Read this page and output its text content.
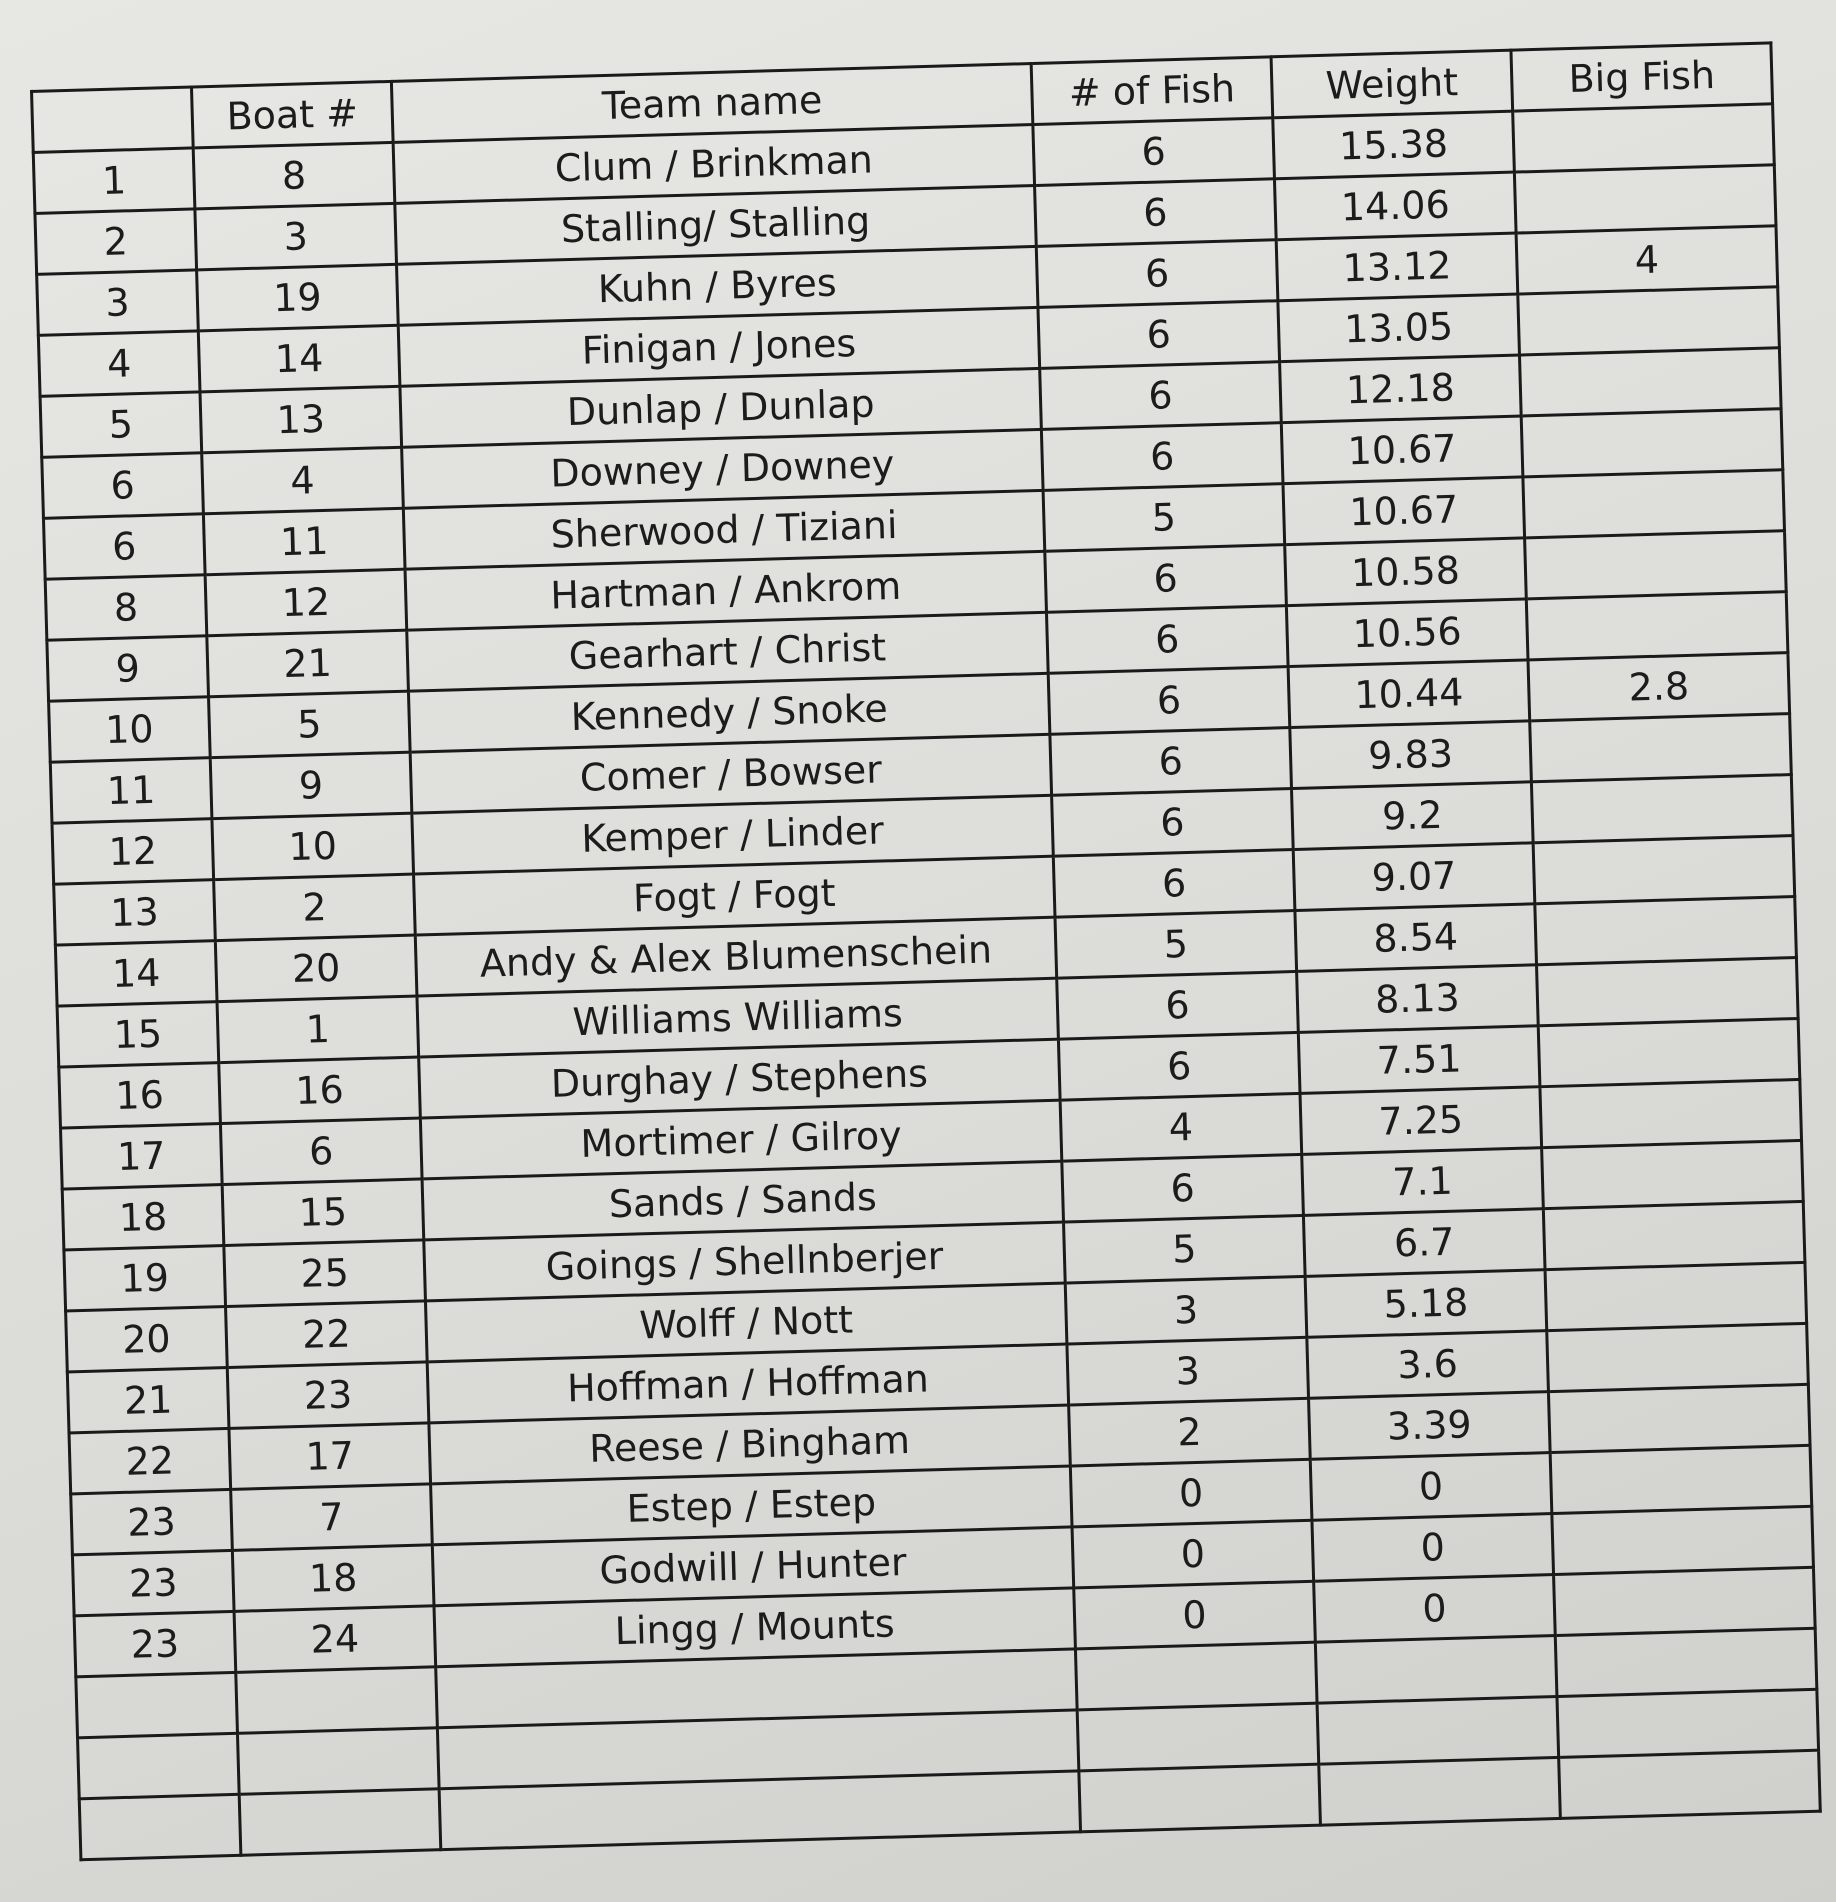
	Boat #	Team name	# of Fish	Weight	Big Fish
1	8	Clum / Brinkman	6	15.38	
2	3	Stalling/ Stalling	6	14.06	
3	19	Kuhn / Byres	6	13.12	4
4	14	Finigan / Jones	6	13.05	
5	13	Dunlap / Dunlap	6	12.18	
6	4	Downey / Downey	6	10.67	
6	11	Sherwood / Tiziani	5	10.67	
8	12	Hartman / Ankrom	6	10.58	
9	21	Gearhart / Christ	6	10.56	
10	5	Kennedy / Snoke	6	10.44	2.8
11	9	Comer / Bowser	6	9.83	
12	10	Kemper / Linder	6	9.2	
13	2	Fogt / Fogt	6	9.07	
14	20	Andy & Alex Blumenschein	5	8.54	
15	1	Williams Williams	6	8.13	
16	16	Durghay / Stephens	6	7.51	
17	6	Mortimer / Gilroy	4	7.25	
18	15	Sands / Sands	6	7.1	
19	25	Goings / Shellnberjer	5	6.7	
20	22	Wolff / Nott	3	5.18	
21	23	Hoffman / Hoffman	3	3.6	
22	17	Reese / Bingham	2	3.39	
23	7	Estep / Estep	0	0	
23	18	Godwill / Hunter	0	0	
23	24	Lingg / Mounts	0	0	
